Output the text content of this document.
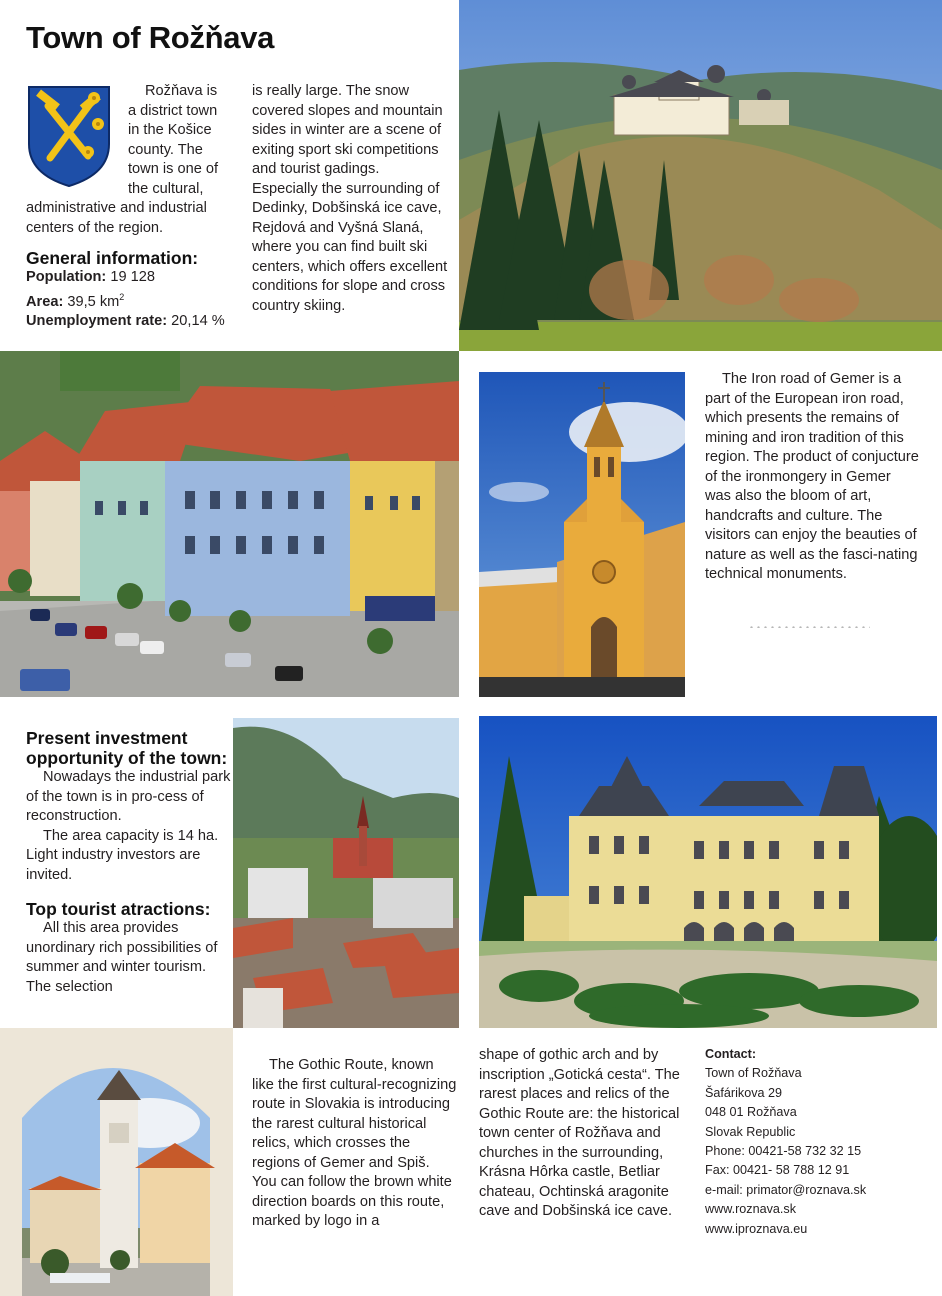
Town of Rožňava
Rožňava is
a district town
in the Košice
county. The
town is one of
the cultural,
administrative and industrial centers of the region.
General information:
Population: 19 128
Area: 39,5 $km^2$
Unemployment rate: 20,14 %
is really large. The snow covered slopes and mountain sides in winter are a scene of exiting sport ski competitions and tourist gadings. Especially the surrounding of Dedinky, Dobšinská ice cave, Rejdová and Vyšná Slaná, where you can find built ski centers, which offers excellent conditions for slope and cross country skiing.
The Iron road of Gemer is a part of the European iron road, which presents the remains of mining and iron tradition of this region. The product of conjucture of the ironmongery in Gemer was also the bloom of art, handcrafts and culture. The visitors can enjoy the beauties of nature as well as the fasci-nating technical monuments.
Present investment opportunity of the town:

Nowadays the industrial park of the town is in pro-cess of reconstruction.

The area capacity is 14 ha. Light industry investors are invited.

Top tourist atractions:

All this area provides unordinary rich possibilities of summer and winter tourism. The selection

The Gothic Route, known like the first cultural-recognizing route in Slovakia is introducing the rarest cultural historical relics, which crosses the regions of Gemer and Spiš. You can follow the brown white direction boards on this route, marked by logo in a
shape of gothic arch and by inscription „Gotická cesta“. The rarest places and relics of the Gothic Route are: the historical town center of Rožňava and churches in the surrounding, Krásna Hôrka castle, Betliar chateau, Ochtinská aragonite cave and Dobšinská ice cave.
Contact:
Town of Rožňava
Šafárikova 29
048 01 Rožňava
Slovak Republic
Phone: 00421-58 732 32 15
Fax: 00421- 58 788 12 91
e-mail: primator@roznava.sk
www.roznava.sk
www.iproznava.eu
